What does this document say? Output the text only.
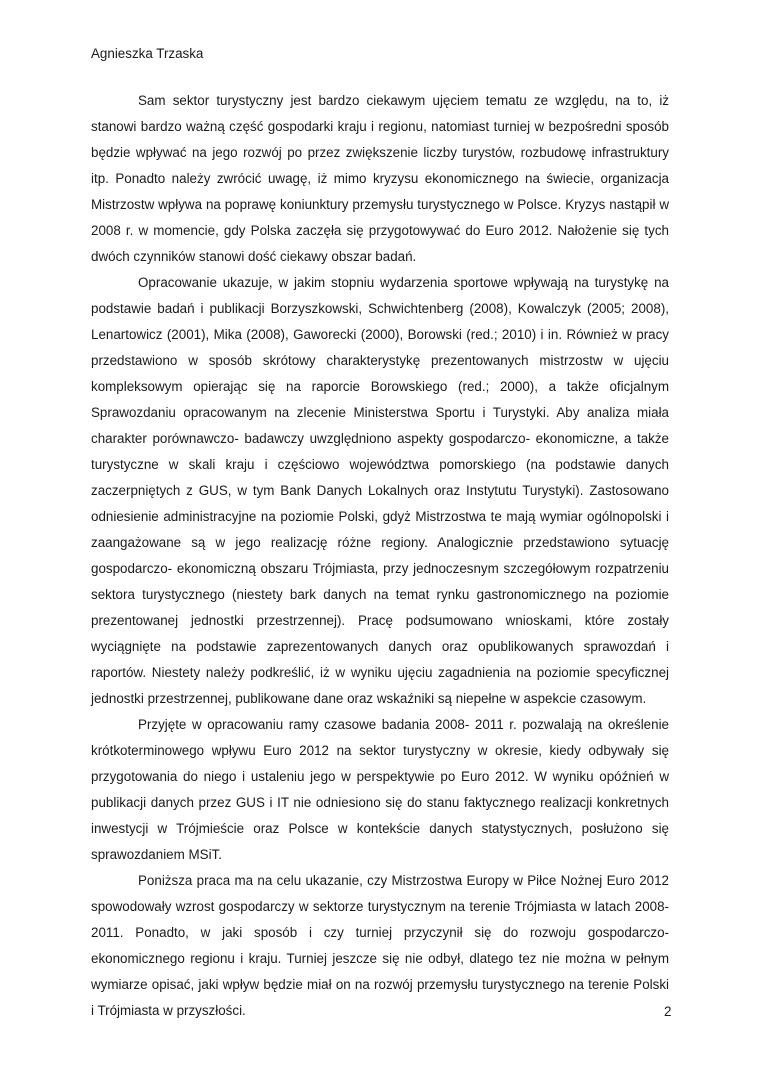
Agnieszka Trzaska

Sam sektor turystyczny jest bardzo ciekawym ujęciem tematu ze względu, na to, iż stanowi bardzo ważną część gospodarki kraju i regionu, natomiast turniej w bezpośredni sposób będzie wpływać na jego rozwój po przez zwiększenie liczby turystów, rozbudowę infrastruktury itp. Ponadto należy zwrócić uwagę, iż mimo kryzysu ekonomicznego na świecie, organizacja Mistrzostw wpływa na poprawę koniunktury przemysłu turystycznego w Polsce. Kryzys nastąpił w 2008 r. w momencie, gdy Polska zaczęła się przygotowywać do Euro 2012. Nałożenie się tych dwóch czynników stanowi dość ciekawy obszar badań.

Opracowanie ukazuje, w jakim stopniu wydarzenia sportowe wpływają na turystykę na podstawie badań i publikacji Borzyszkowski, Schwichtenberg (2008), Kowalczyk (2005; 2008), Lenartowicz (2001), Mika (2008), Gaworecki (2000), Borowski (red.; 2010) i in. Również w pracy przedstawiono w sposób skrótowy charakterystykę prezentowanych mistrzostw w ujęciu kompleksowym opierając się na raporcie Borowskiego (red.; 2000), a także oficjalnym Sprawozdaniu opracowanym na zlecenie Ministerstwa Sportu i Turystyki. Aby analiza miała charakter porównawczo- badawczy uwzględniono aspekty gospodarczo- ekonomiczne, a także turystyczne w skali kraju i częściowo województwa pomorskiego (na podstawie danych zaczerpniętych z GUS, w tym Bank Danych Lokalnych oraz Instytutu Turystyki). Zastosowano odniesienie administracyjne na poziomie Polski, gdyż Mistrzostwa te mają wymiar ogólnopolski i zaangażowane są w jego realizację różne regiony. Analogicznie przedstawiono sytuację gospodarczo- ekonomiczną obszaru Trójmiasta, przy jednoczesnym szczegółowym rozpatrzeniu sektora turystycznego (niestety bark danych na temat rynku gastronomicznego na poziomie prezentowanej jednostki przestrzennej). Pracę podsumowano wnioskami, które zostały wyciągnięte na podstawie zaprezentowanych danych oraz opublikowanych sprawozdań i raportów. Niestety należy podkreślić, iż w wyniku ujęciu zagadnienia na poziomie specyficznej jednostki przestrzennej, publikowane dane oraz wskaźniki są niepełne w aspekcie czasowym.

Przyjęte w opracowaniu ramy czasowe badania 2008- 2011 r. pozwalają na określenie krótkoterminowego wpływu Euro 2012 na sektor turystyczny w okresie, kiedy odbywały się przygotowania do niego i ustaleniu jego w perspektywie po Euro 2012. W wyniku opóźnień w publikacji danych przez GUS i IT nie odniesiono się do stanu faktycznego realizacji konkretnych inwestycji w Trójmieście oraz Polsce w kontekście danych statystycznych, posłużono się sprawozdaniem MSiT.

Poniższa praca ma na celu ukazanie, czy Mistrzostwa Europy w Piłce Nożnej Euro 2012 spowodowały wzrost gospodarczy w sektorze turystycznym na terenie Trójmiasta w latach 2008-2011. Ponadto, w jaki sposób i czy turniej przyczynił się do rozwoju gospodarczo- ekonomicznego regionu i kraju. Turniej jeszcze się nie odbył, dlatego tez nie można w pełnym wymiarze opisać, jaki wpływ będzie miał on na rozwój przemysłu turystycznego na terenie Polski i Trójmiasta w przyszłości.	2
